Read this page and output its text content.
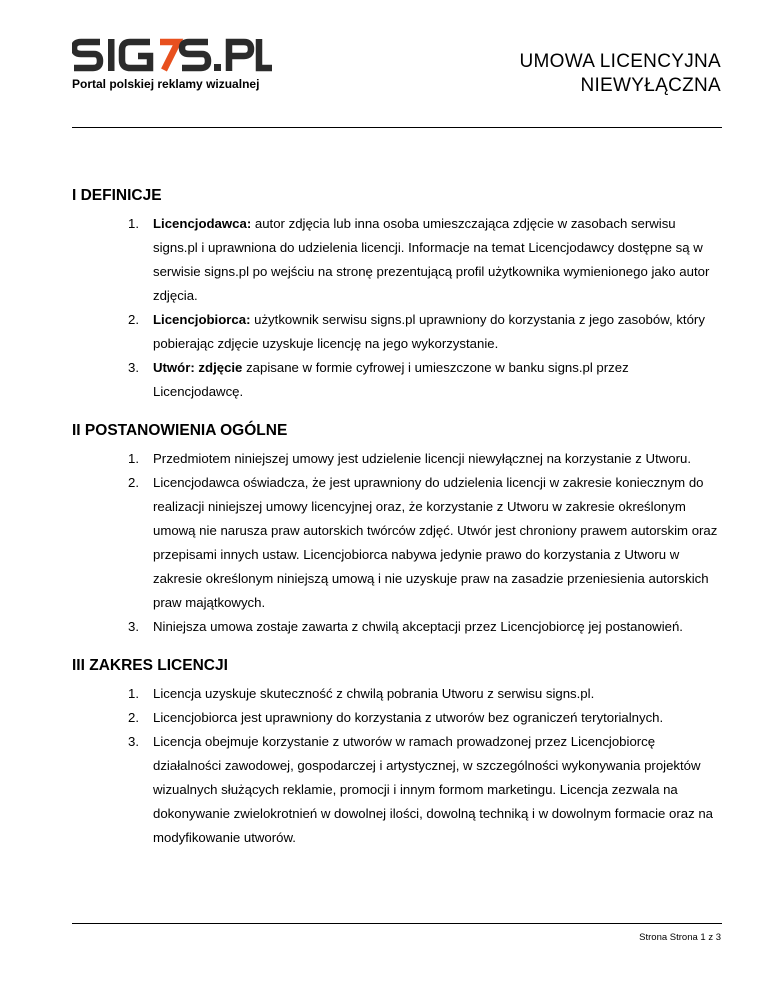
Portal polskiej reklamy wizualnej
UMOWA LICENCYJNA
NIEWYŁĄCZNA
I DEFINICJE
1. Licencjodawca: autor zdjęcia lub inna osoba umieszczająca zdjęcie w zasobach serwisu signs.pl i uprawniona do udzielenia licencji. Informacje na temat Licencjodawcy dostępne są w serwisie signs.pl po wejściu na stronę prezentującą profil użytkownika wymienionego jako autor zdjęcia.
2. Licencjobiorca: użytkownik serwisu signs.pl uprawniony do korzystania z jego zasobów, który pobierając zdjęcie uzyskuje licencję na jego wykorzystanie.
3. Utwór: zdjęcie zapisane w formie cyfrowej i umieszczone w banku signs.pl przez Licencjodawcę.
II POSTANOWIENIA OGÓLNE
1. Przedmiotem niniejszej umowy jest udzielenie licencji niewyłącznej na korzystanie z Utworu.
2. Licencjodawca oświadcza, że jest uprawniony do udzielenia licencji w zakresie koniecznym do realizacji niniejszej umowy licencyjnej oraz, że korzystanie z Utworu w zakresie określonym umową nie narusza praw autorskich twórców zdjęć. Utwór jest chroniony prawem autorskim oraz przepisami innych ustaw. Licencjobiorca nabywa jedynie prawo do korzystania z Utworu w zakresie określonym niniejszą umową i nie uzyskuje praw na zasadzie przeniesienia autorskich praw majątkowych.
3. Niniejsza umowa zostaje zawarta z chwilą akceptacji przez Licencjobiorcę jej postanowień.
III ZAKRES LICENCJI
1. Licencja uzyskuje skuteczność z chwilą pobrania Utworu z serwisu signs.pl.
2. Licencjobiorca jest uprawniony do korzystania z utworów bez ograniczeń terytorialnych.
3. Licencja obejmuje korzystanie z utworów w ramach prowadzonej przez Licencjobiorcę działalności zawodowej, gospodarczej i artystycznej, w szczególności wykonywania projektów wizualnych służących reklamie, promocji i innym formom marketingu. Licencja zezwala na dokonywanie zwielokrotnień w dowolnej ilości, dowolną techniką i w dowolnym formacie oraz na modyfikowanie utworów.
Strona Strona 1 z 3
